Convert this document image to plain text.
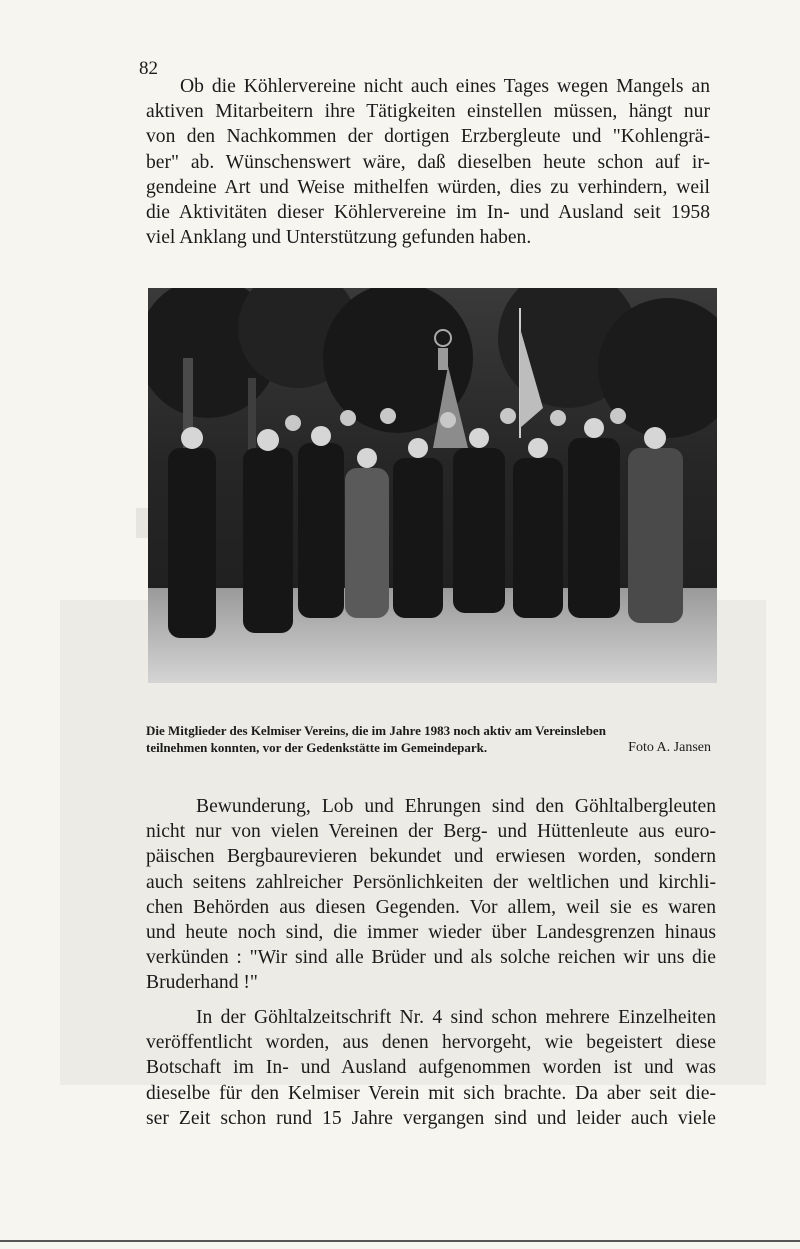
82

Ob die Köhlervereine nicht auch eines Tages wegen Mangels an
aktiven Mitarbeitern ihre Tätigkeiten einstellen müssen, hängt nur
von den Nachkommen der dortigen Erzbergleute und "Kohlengrä-
ber" ab. Wünschenswert wäre, daß dieselben heute schon auf ir-
gendeine Art und Weise mithelfen würden, dies zu verhindern, weil
die Aktivitäten dieser Köhlervereine im In- und Ausland seit 1958
viel Anklang und Unterstützung gefunden haben.

Die Mitglieder des Kelmiser Vereins, die im Jahre 1983 noch aktiv am Vereinsleben
teilnehmen konnten, vor der Gedenkstätte im Gemeindepark.	Foto A. Jansen

Bewunderung, Lob und Ehrungen sind den Göhltalbergleuten
nicht nur von vielen Vereinen der Berg- und Hüttenleute aus euro-
päischen Bergbaurevieren bekundet und erwiesen worden, sondern
auch seitens zahlreicher Persönlichkeiten der weltlichen und kirchli-
chen Behörden aus diesen Gegenden. Vor allem, weil sie es waren
und heute noch sind, die immer wieder über Landesgrenzen hinaus
verkünden : "Wir sind alle Brüder und als solche reichen wir uns die
Bruderhand !"

In der Göhltalzeitschrift Nr. 4 sind schon mehrere Einzelheiten
veröffentlicht worden, aus denen hervorgeht, wie begeistert diese
Botschaft im In- und Ausland aufgenommen worden ist und was
dieselbe für den Kelmiser Verein mit sich brachte. Da aber seit die-
ser Zeit schon rund 15 Jahre vergangen sind und leider auch viele
